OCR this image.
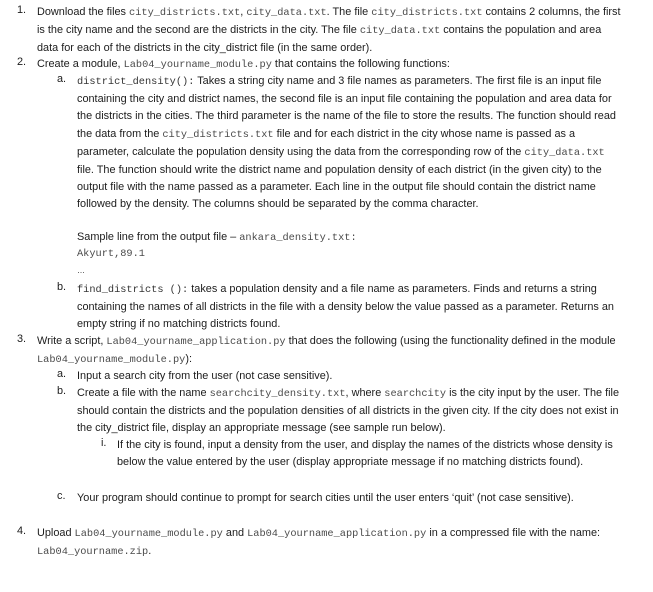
1. Download the files city_districts.txt, city_data.txt. The file city_districts.txt contains 2 columns, the first is the city name and the second are the districts in the city. The file city_data.txt contains the population and area data for each of the districts in the city_district file (in the same order).
2. Create a module, Lab04_yourname_module.py that contains the following functions:
a. district_density(): Takes a string city name and 3 file names as parameters. The first file is an input file containing the city and district names, the second file is an input file containing the population and area data for the districts in the cities. The third parameter is the name of the file to store the results. The function should read the data from the city_districts.txt file and for each district in the city whose name is passed as a parameter, calculate the population density using the data from the corresponding row of the city_data.txt file. The function should write the district name and population density of each district (in the given city) to the output file with the name passed as a parameter. Each line in the output file should contain the district name followed by the density. The columns should be separated by the comma character.
Sample line from the output file – ankara_density.txt:
Akyurt,89.1
…
b. find_districts (): takes a population density and a file name as parameters. Finds and returns a string containing the names of all districts in the file with a density below the value passed as a parameter. Returns an empty string if no matching districts found.
3. Write a script, Lab04_yourname_application.py that does the following (using the functionality defined in the module Lab04_yourname_module.py):
a. Input a search city from the user (not case sensitive).
b. Create a file with the name searchcity_density.txt, where searchcity is the city input by the user. The file should contain the districts and the population densities of all districts in the given city. If the city does not exist in the city_district file, display an appropriate message (see sample run below).
i. If the city is found, input a density from the user, and display the names of the districts whose density is below the value entered by the user (display appropriate message if no matching districts found).
c. Your program should continue to prompt for search cities until the user enters ‘quit’ (not case sensitive).
4. Upload Lab04_yourname_module.py and Lab04_yourname_application.py in a compressed file with the name: Lab04_yourname.zip.
